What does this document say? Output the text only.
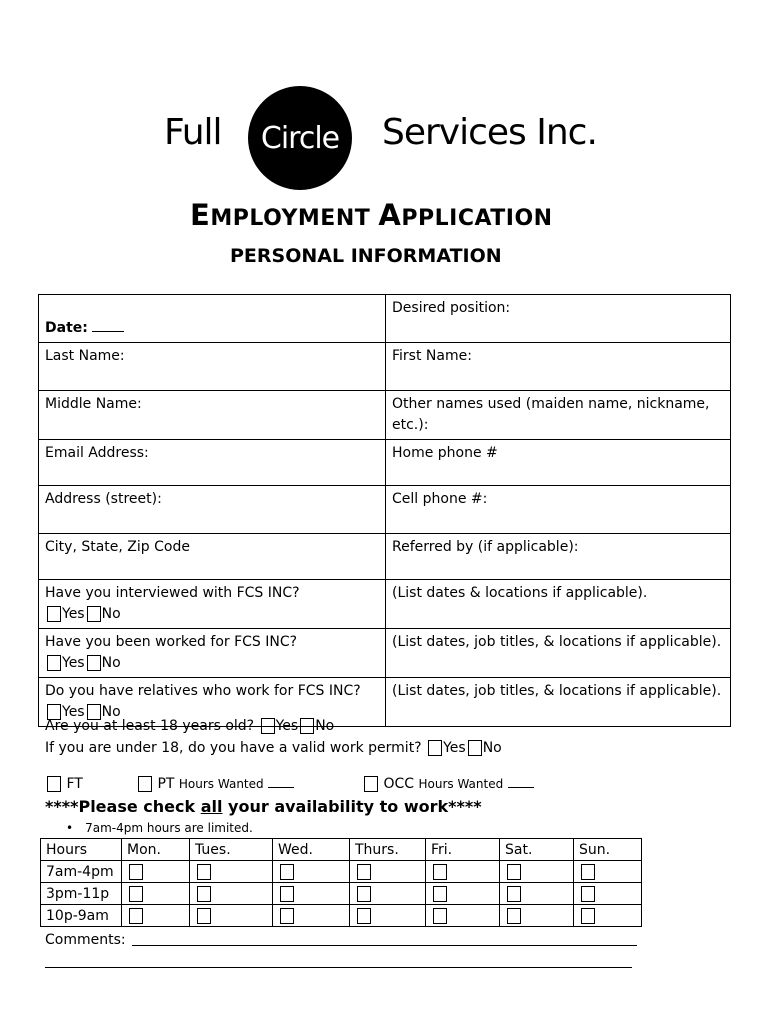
Full Circle Services Inc.
EMPLOYMENT APPLICATION
PERSONAL INFORMATION
Date:	Desired position:
Last Name:	First Name:
Middle Name:	Other names used (maiden name, nickname, etc.):
Email Address:	Home phone #
Address (street):	Cell phone #:
City, State, Zip Code	Referred by (if applicable):
Have you interviewed with FCS INC?
Yes No	(List dates & locations if applicable).
Have you been worked for FCS INC?
Yes No	(List dates, job titles, & locations if applicable).
Do you have relatives who work for FCS INC? Yes No	(List dates, job titles, & locations if applicable).
Are you at least 18 years old? Yes No
If you are under 18, do you have a valid work permit? Yes No
FT	PT Hours Wanted	OCC Hours Wanted
****Please check all your availability to work****
• 7am-4pm hours are limited.
Hours	Mon.	Tues.	Wed.	Thurs.	Fri.	Sat.	Sun.
7am-4pm							
3pm-11p							
10p-9am							
Comments:
